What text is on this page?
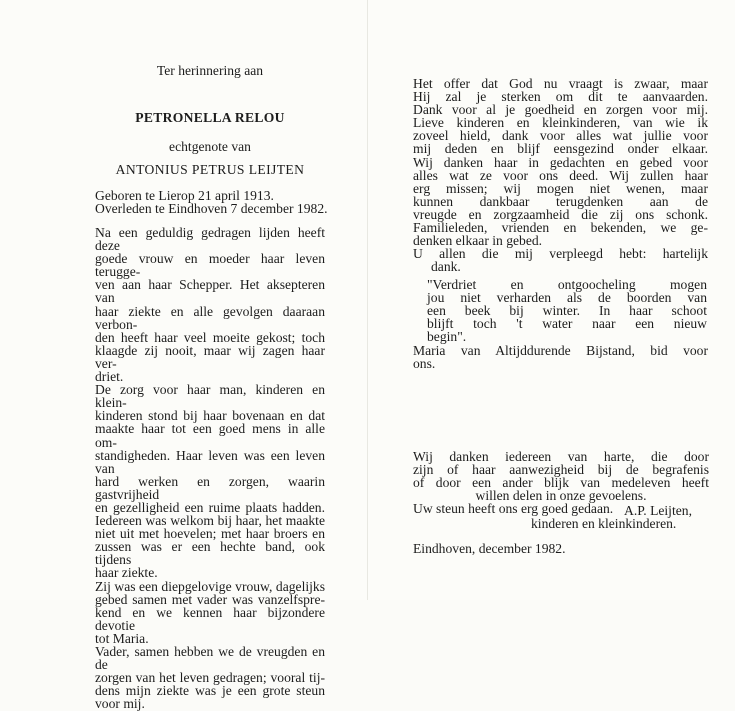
Ter herinnering aan
PETRONELLA RELOU
echtgenote van
ANTONIUS PETRUS LEIJTEN
Geboren te Lierop 21 april 1913.
Overleden te Eindhoven 7 december 1982.
Na een geduldig gedragen lijden heeft deze
goede vrouw en moeder haar leven terugge-
ven aan haar Schepper. Het aksepteren van
haar ziekte en alle gevolgen daaraan verbon-
den heeft haar veel moeite gekost; toch
klaagde zij nooit, maar wij zagen haar ver-
driet.
De zorg voor haar man, kinderen en klein-
kinderen stond bij haar bovenaan en dat
maakte haar tot een goed mens in alle om-
standigheden. Haar leven was een leven van
hard werken en zorgen, waarin gastvrijheid
en gezelligheid een ruime plaats hadden.
Iedereen was welkom bij haar, het maakte
niet uit met hoevelen; met haar broers en
zussen was er een hechte band, ook tijdens
haar ziekte.
Zij was een diepgelovige vrouw, dagelijks
gebed samen met vader was vanzelfspre-
kend en we kennen haar bijzondere devotie
tot Maria.
Vader, samen hebben we de vreugden en de
zorgen van het leven gedragen; vooral tij-
dens mijn ziekte was je een grote steun
voor mij.
Het offer dat God nu vraagt is zwaar, maar
Hij zal je sterken om dit te aanvaarden.
Dank voor al je goedheid en zorgen voor mij.
Lieve kinderen en kleinkinderen, van wie ik
zoveel hield, dank voor alles wat jullie voor
mij deden en blijf eensgezind onder elkaar.
Wij danken haar in gedachten en gebed voor
alles wat ze voor ons deed. Wij zullen haar
erg missen; wij mogen niet wenen, maar
kunnen dankbaar terugdenken aan de
vreugde en zorgzaamheid die zij ons schonk.
Familieleden, vrienden en bekenden, we ge-
denken elkaar in gebed.
U allen die mij verpleegd hebt: hartelijk
dank.
"Verdriet en ontgoocheling mogen
jou niet verharden als de boorden van
een beek bij winter. In haar schoot
blijft toch 't water naar een nieuw
begin".
Maria van Altijddurende Bijstand, bid voor
ons.
Wij danken iedereen van harte, die door
zijn of haar aanwezigheid bij de begrafenis
of door een ander blijk van medeleven heeft
willen delen in onze gevoelens.
Uw steun heeft ons erg goed gedaan. A.P. Leijten,
kinderen en kleinkinderen.
Eindhoven, december 1982.
